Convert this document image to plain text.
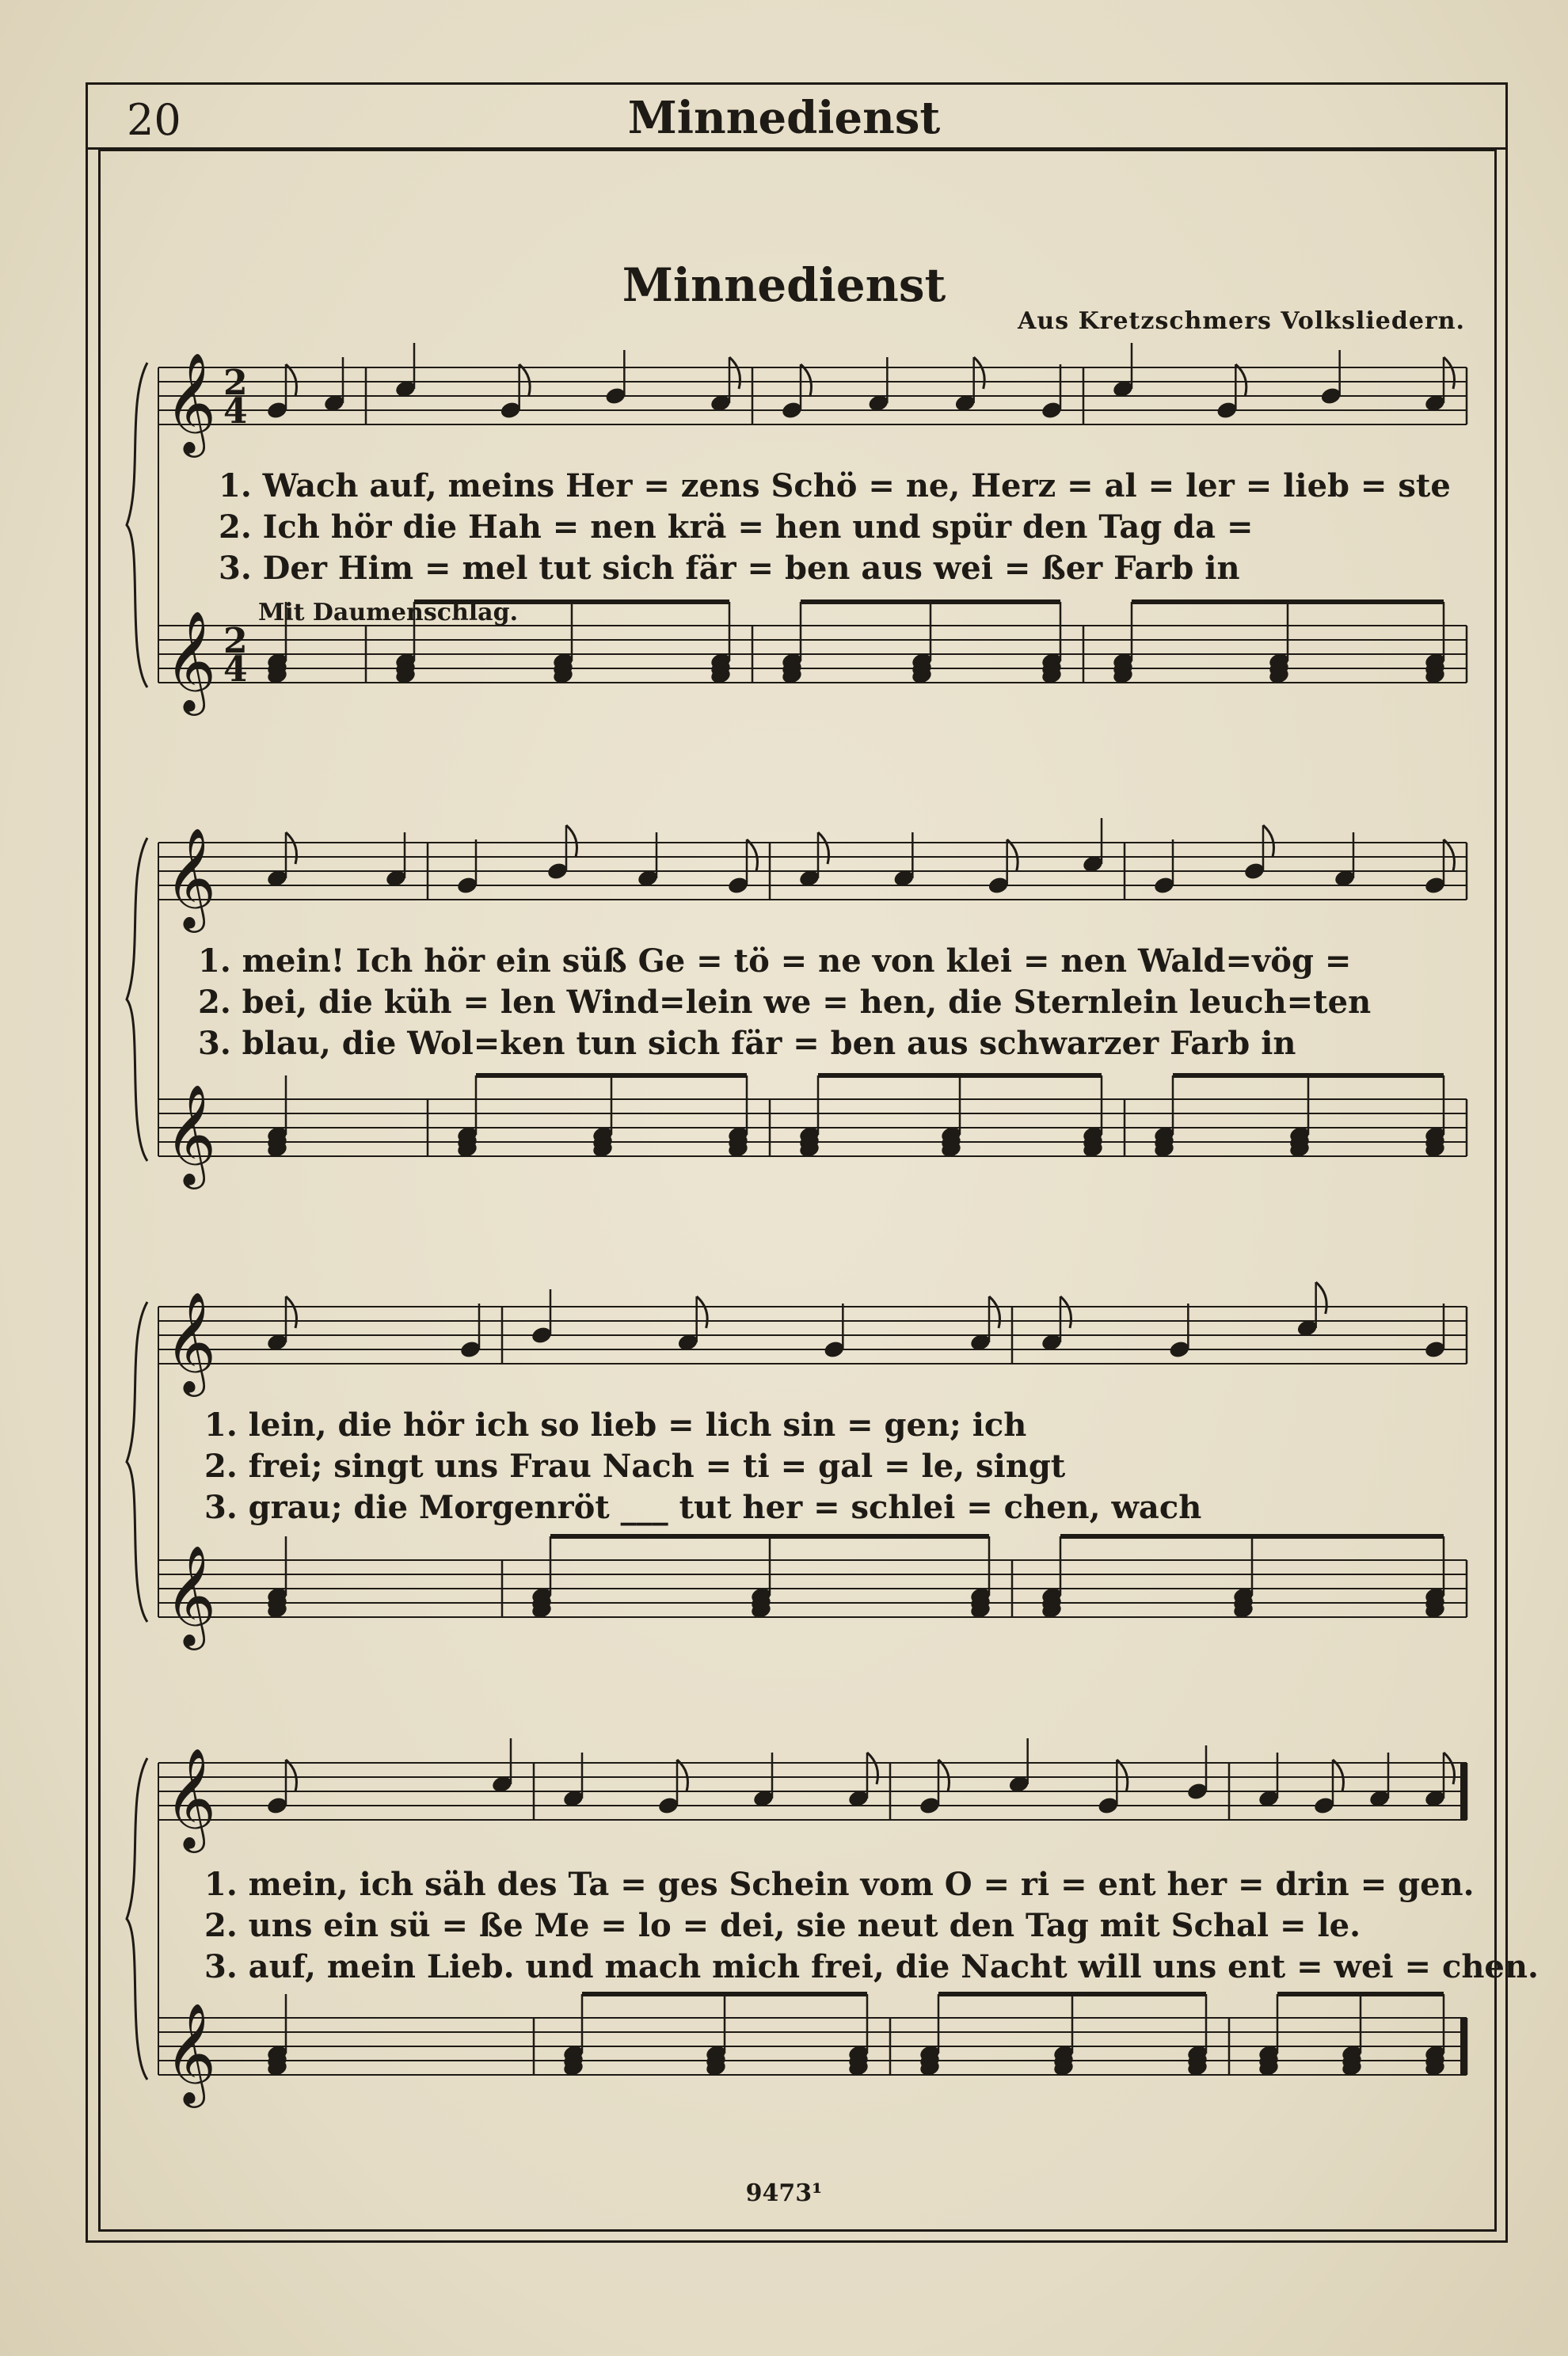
20	Minnedienst
Minnedienst
Aus Kretzschmers Volksliedern.
𝄞
𝄞
2
4
2
4
𝄞
𝄞
𝄞
𝄞
𝄞
𝄞
Mit Daumenschlag.
1. Wach auf, meins Her = zens Schö = ne, Herz = al = ler = lieb = ste
2. Ich hör die Hah = nen krä = hen und spür den Tag da =
3. Der Him = mel tut sich fär = ben aus wei = ßer Farb in
1. mein! Ich hör ein süß Ge = tö = ne von klei = nen Wald=vög =
2. bei, die küh = len Wind=lein we = hen, die Sternlein leuch=ten
3. blau, die Wol=ken tun sich fär = ben aus schwarzer Farb in
1. lein, die hör ich so lieb = lich sin = gen; ich
2. frei; singt uns Frau Nach = ti = gal = le, singt
3. grau; die Morgenröt ___ tut her = schlei = chen, wach
1. mein, ich säh des Ta = ges Schein vom O = ri = ent her = drin = gen.
2. uns ein sü = ße Me = lo = dei, sie neut den Tag mit Schal = le.
3. auf, mein Lieb. und mach mich frei, die Nacht will uns ent = wei = chen.
9473¹
